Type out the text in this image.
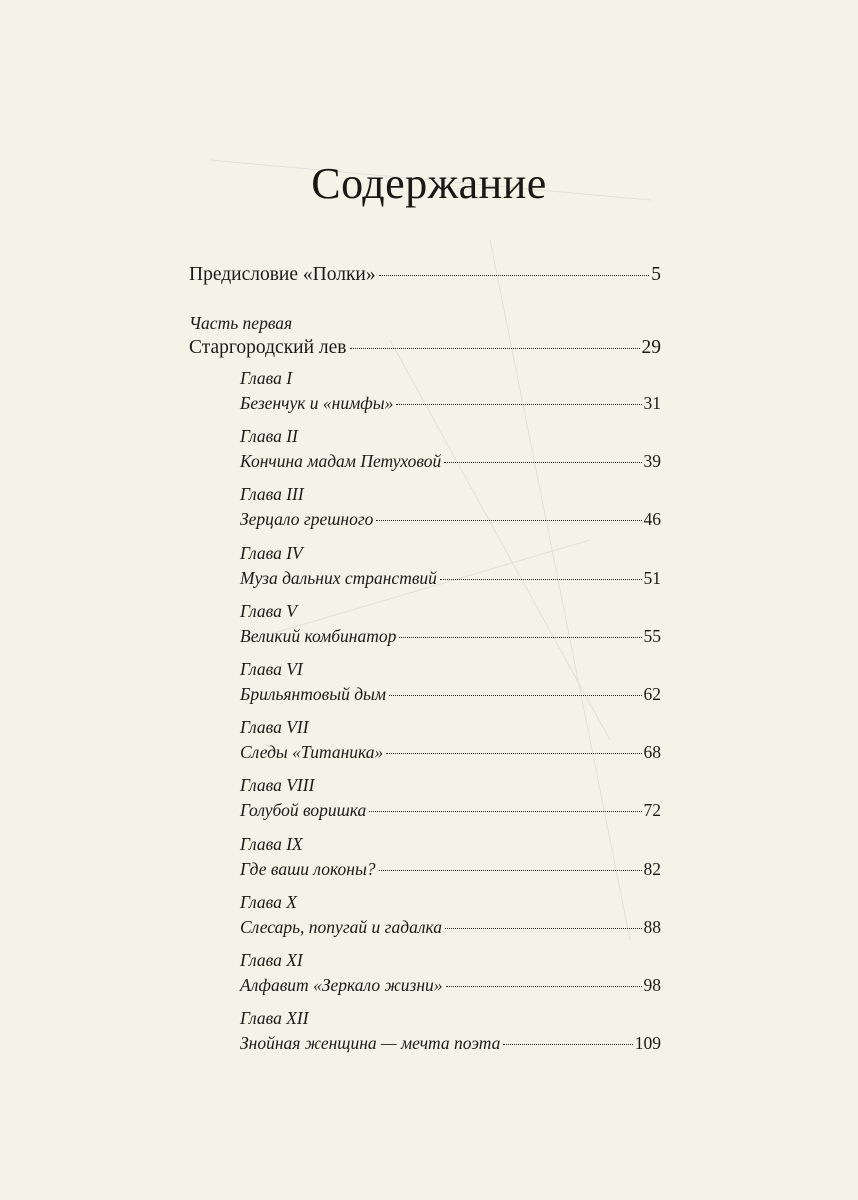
Содержание
Предисловие «Полки»	5
Часть первая
Старгородский лев	29
Глава I
Безенчук и «нимфы»	31
Глава II
Кончина мадам Петуховой	39
Глава III
Зерцало грешного	46
Глава IV
Муза дальних странствий	51
Глава V
Великий комбинатор	55
Глава VI
Брильянтовый дым	62
Глава VII
Следы «Титаника»	68
Глава VIII
Голубой воришка	72
Глава IX
Где ваши локоны?	82
Глава X
Слесарь, попугай и гадалка	88
Глава XI
Алфавит «Зеркало жизни»	98
Глава XII
Знойная женщина — мечта поэта	109
